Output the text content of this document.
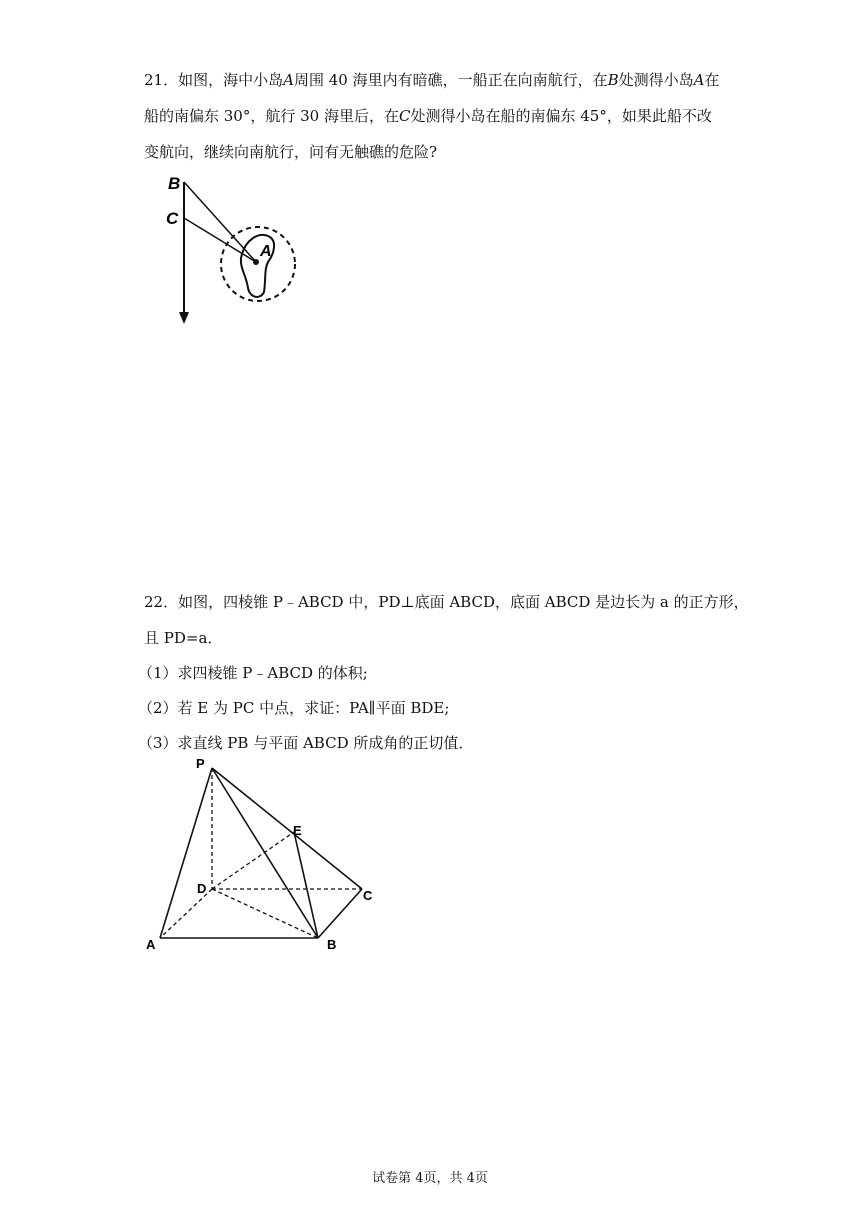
21．如图，海中小岛A周围 40 海里内有暗礁，一船正在向南航行，在B处测得小岛A在船的南偏东 30°，航行 30 海里后，在C处测得小岛在船的南偏东 45°，如果此船不改变航向，继续向南航行，问有无触礁的危险?

B
C
A

22．如图，四棱锥 P﹣ABCD 中，PD⊥底面 ABCD，底面 ABCD 是边长为 a 的正方形，

且 PD=a．

（1）求四棱锥 P﹣ABCD 的体积;

（2）若 E 为 PC 中点，求证：PA∥平面 BDE;

（3）求直线 PB 与平面 ABCD 所成角的正切值．

P
E
D	C
A	B
试卷第 4页，共 4页
